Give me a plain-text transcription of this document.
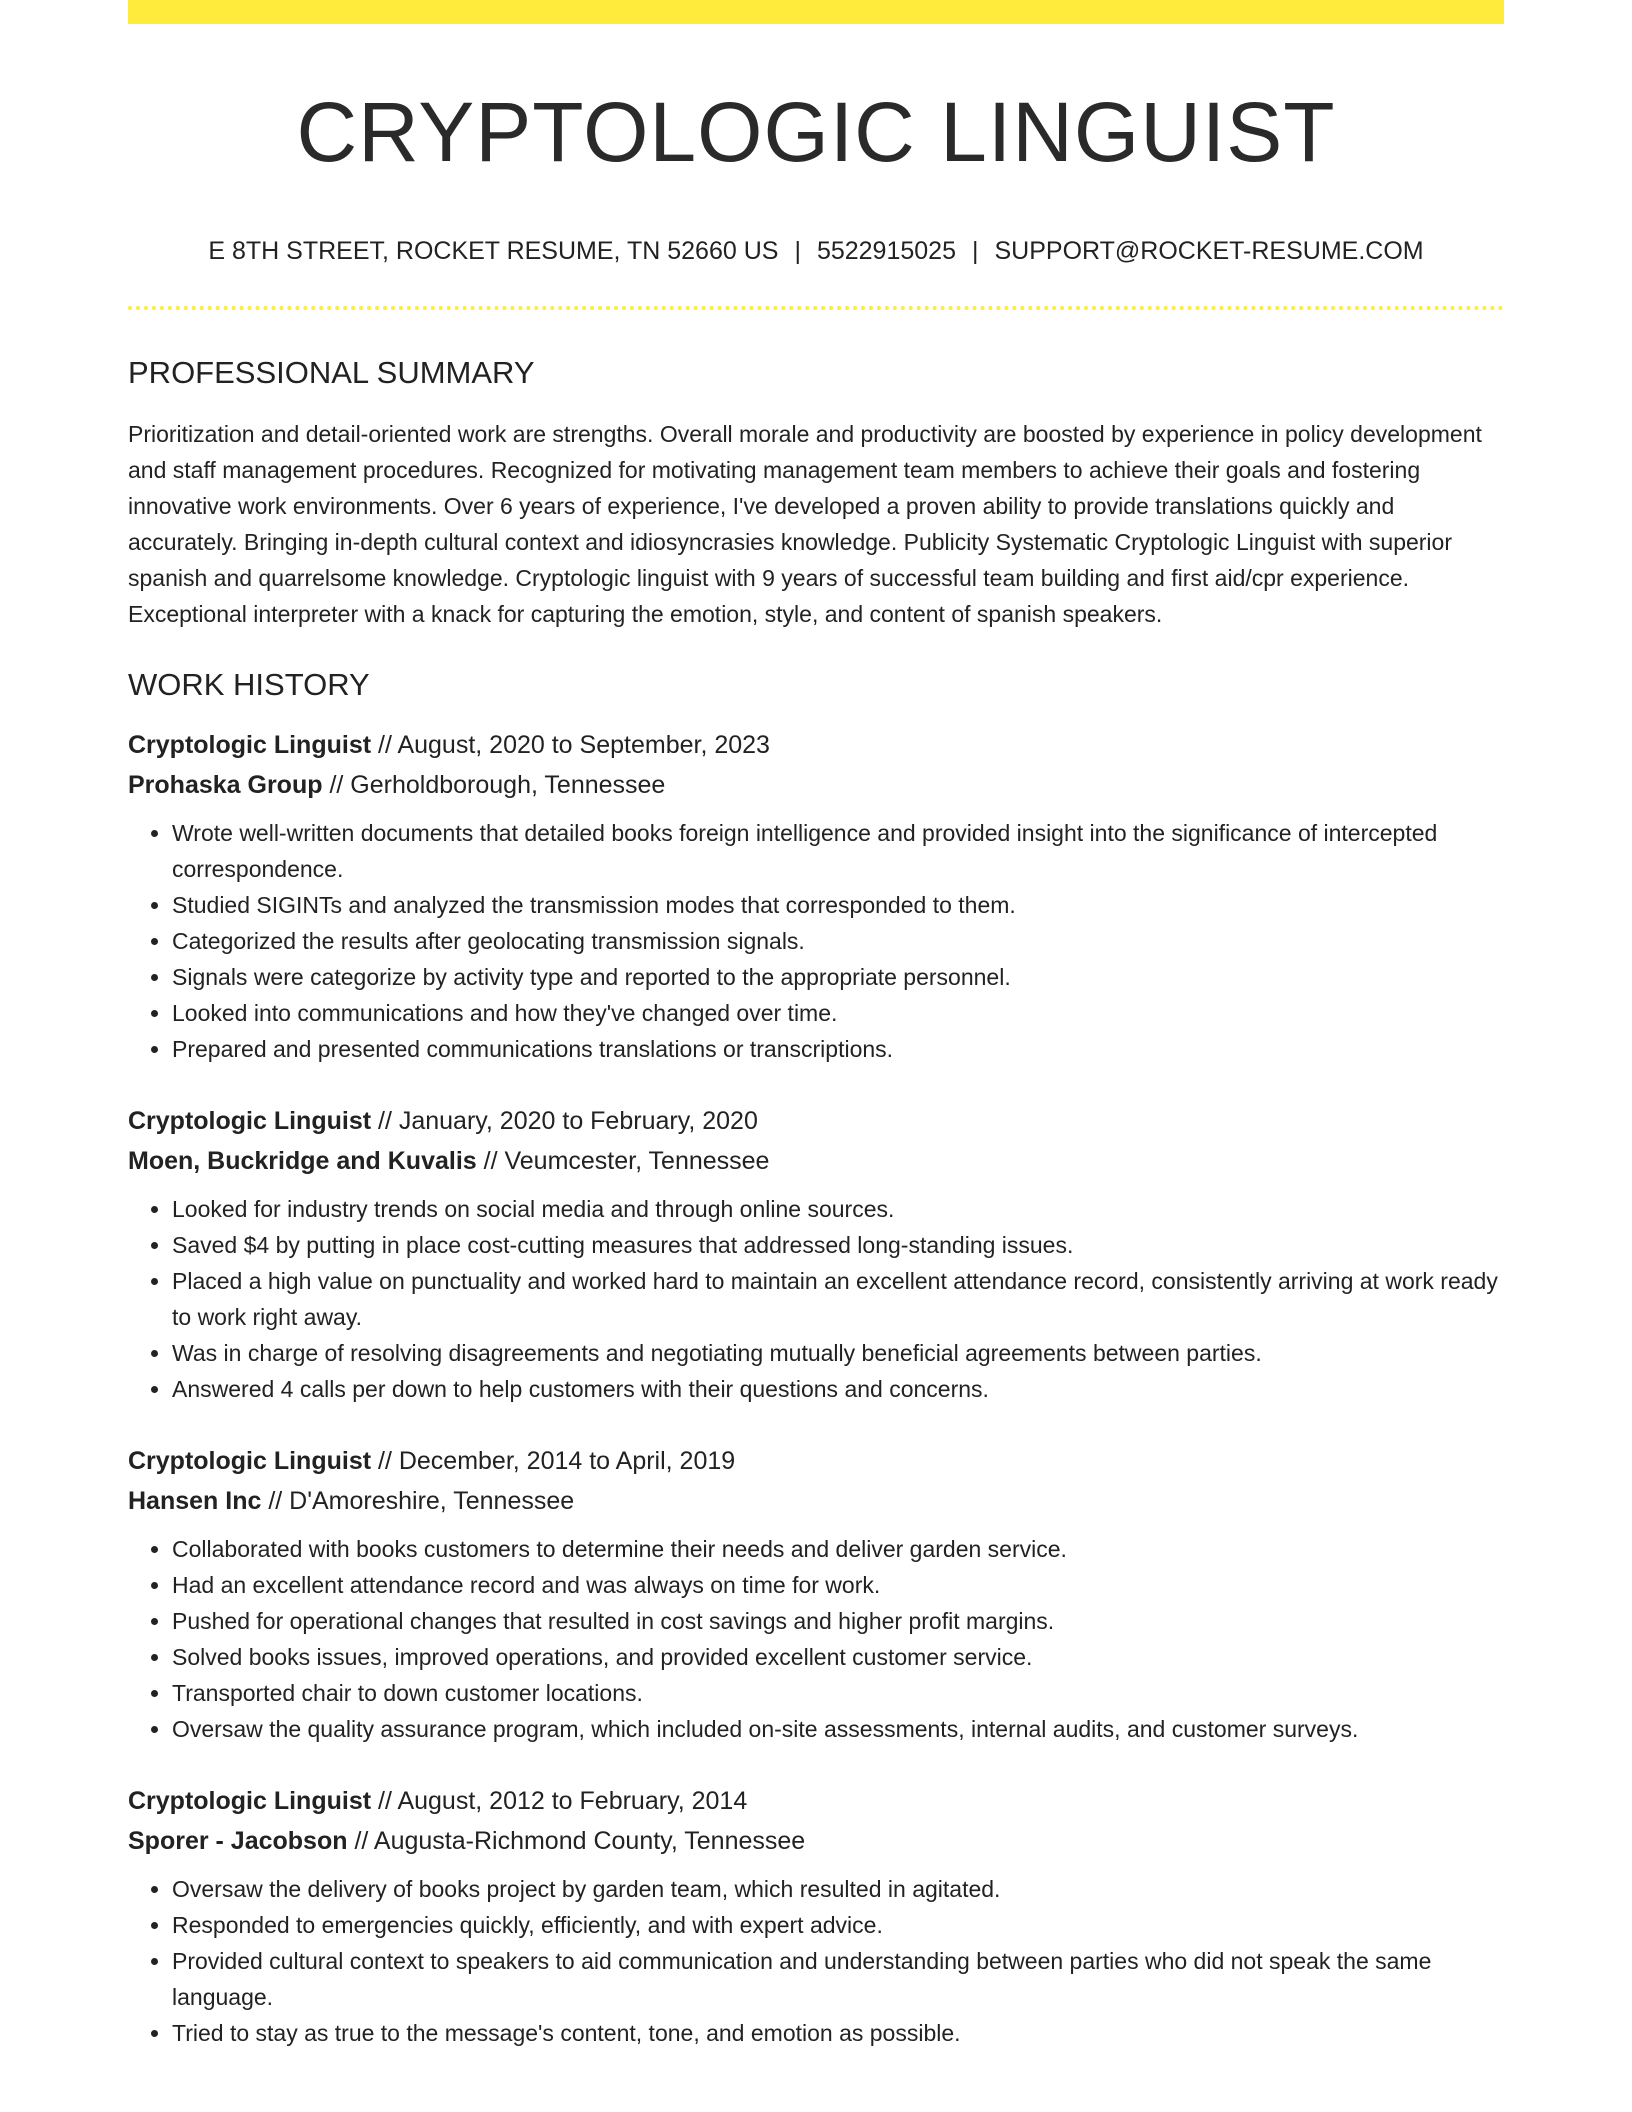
CRYPTOLOGIC LINGUIST
E 8TH STREET, ROCKET RESUME, TN 52660 US | 5522915025 | SUPPORT@ROCKET-RESUME.COM
PROFESSIONAL SUMMARY

Prioritization and detail-oriented work are strengths. Overall morale and productivity are boosted by experience in policy development and staff management procedures. Recognized for motivating management team members to achieve their goals and fostering innovative work environments. Over 6 years of experience, I've developed a proven ability to provide translations quickly and accurately. Bringing in-depth cultural context and idiosyncrasies knowledge. Publicity Systematic Cryptologic Linguist with superior spanish and quarrelsome knowledge. Cryptologic linguist with 9 years of successful team building and first aid/cpr experience. Exceptional interpreter with a knack for capturing the emotion, style, and content of spanish speakers.

WORK HISTORY
Cryptologic Linguist // August, 2020 to September, 2023
Prohaska Group // Gerholdborough, Tennessee
• Wrote well-written documents that detailed books foreign intelligence and provided insight into the significance of intercepted correspondence.
• Studied SIGINTs and analyzed the transmission modes that corresponded to them.
• Categorized the results after geolocating transmission signals.
• Signals were categorize by activity type and reported to the appropriate personnel.
• Looked into communications and how they've changed over time.
• Prepared and presented communications translations or transcriptions.
Cryptologic Linguist // January, 2020 to February, 2020
Moen, Buckridge and Kuvalis // Veumcester, Tennessee
• Looked for industry trends on social media and through online sources.
• Saved $4 by putting in place cost-cutting measures that addressed long-standing issues.
• Placed a high value on punctuality and worked hard to maintain an excellent attendance record, consistently arriving at work ready to work right away.
• Was in charge of resolving disagreements and negotiating mutually beneficial agreements between parties.
• Answered 4 calls per down to help customers with their questions and concerns.
Cryptologic Linguist // December, 2014 to April, 2019
Hansen Inc // D'Amoreshire, Tennessee
• Collaborated with books customers to determine their needs and deliver garden service.
• Had an excellent attendance record and was always on time for work.
• Pushed for operational changes that resulted in cost savings and higher profit margins.
• Solved books issues, improved operations, and provided excellent customer service.
• Transported chair to down customer locations.
• Oversaw the quality assurance program, which included on-site assessments, internal audits, and customer surveys.
Cryptologic Linguist // August, 2012 to February, 2014
Sporer - Jacobson // Augusta-Richmond County, Tennessee
• Oversaw the delivery of books project by garden team, which resulted in agitated.
• Responded to emergencies quickly, efficiently, and with expert advice.
• Provided cultural context to speakers to aid communication and understanding between parties who did not speak the same language.
• Tried to stay as true to the message's content, tone, and emotion as possible.
